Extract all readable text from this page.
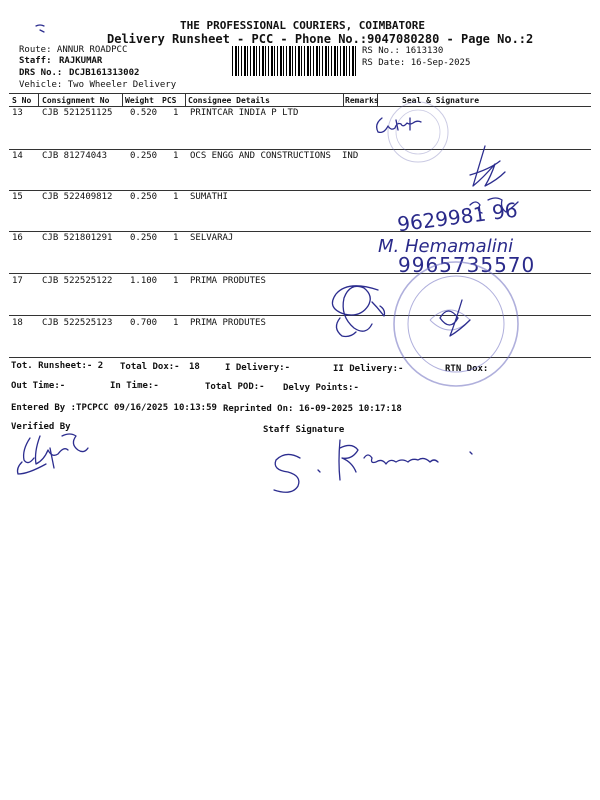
THE PROFESSIONAL COURIERS, COIMBATORE
Delivery Runsheet - PCC - Phone No.:9047080280 - Page No.:2
Route: ANNUR ROADPCC
Staff: RAJKUMAR
DRS No.: DCJB161313002
Vehicle: Two Wheeler Delivery
RS No.: 1613130
RS Date: 16-Sep-2025
S No Consignment No Weight PCS Consignee Details	Remarks	Seal & Signature
13 CJB 521251125 0.520 1 PRINTCAR INDIA P LTD
14 CJB 81274043	0.250 1 OCS ENGG AND CONSTRUCTIONS IND
15 CJB 522409812 0.250 1 SUMATHI
16 CJB 521801291 0.250 1 SELVARAJ
17 CJB 522525122 1.100 1 PRIMA PRODUTES
18 CJB 522525123 0.700 1 PRIMA PRODUTES
Tot. Runsheet:- 2 Total Dox:- 18	I Delivery:-	II Delivery:-	RTN Dox:
Out Time:-	In Time:-	Total POD:- Delvy Points:-
Entered By :TPCPCC 09/16/2025 10:13:59 Reprinted On: 16-09-2025 10:17:18
Verified By	Staff Signature
9629981 96
M. Hemamalini
9965735570
